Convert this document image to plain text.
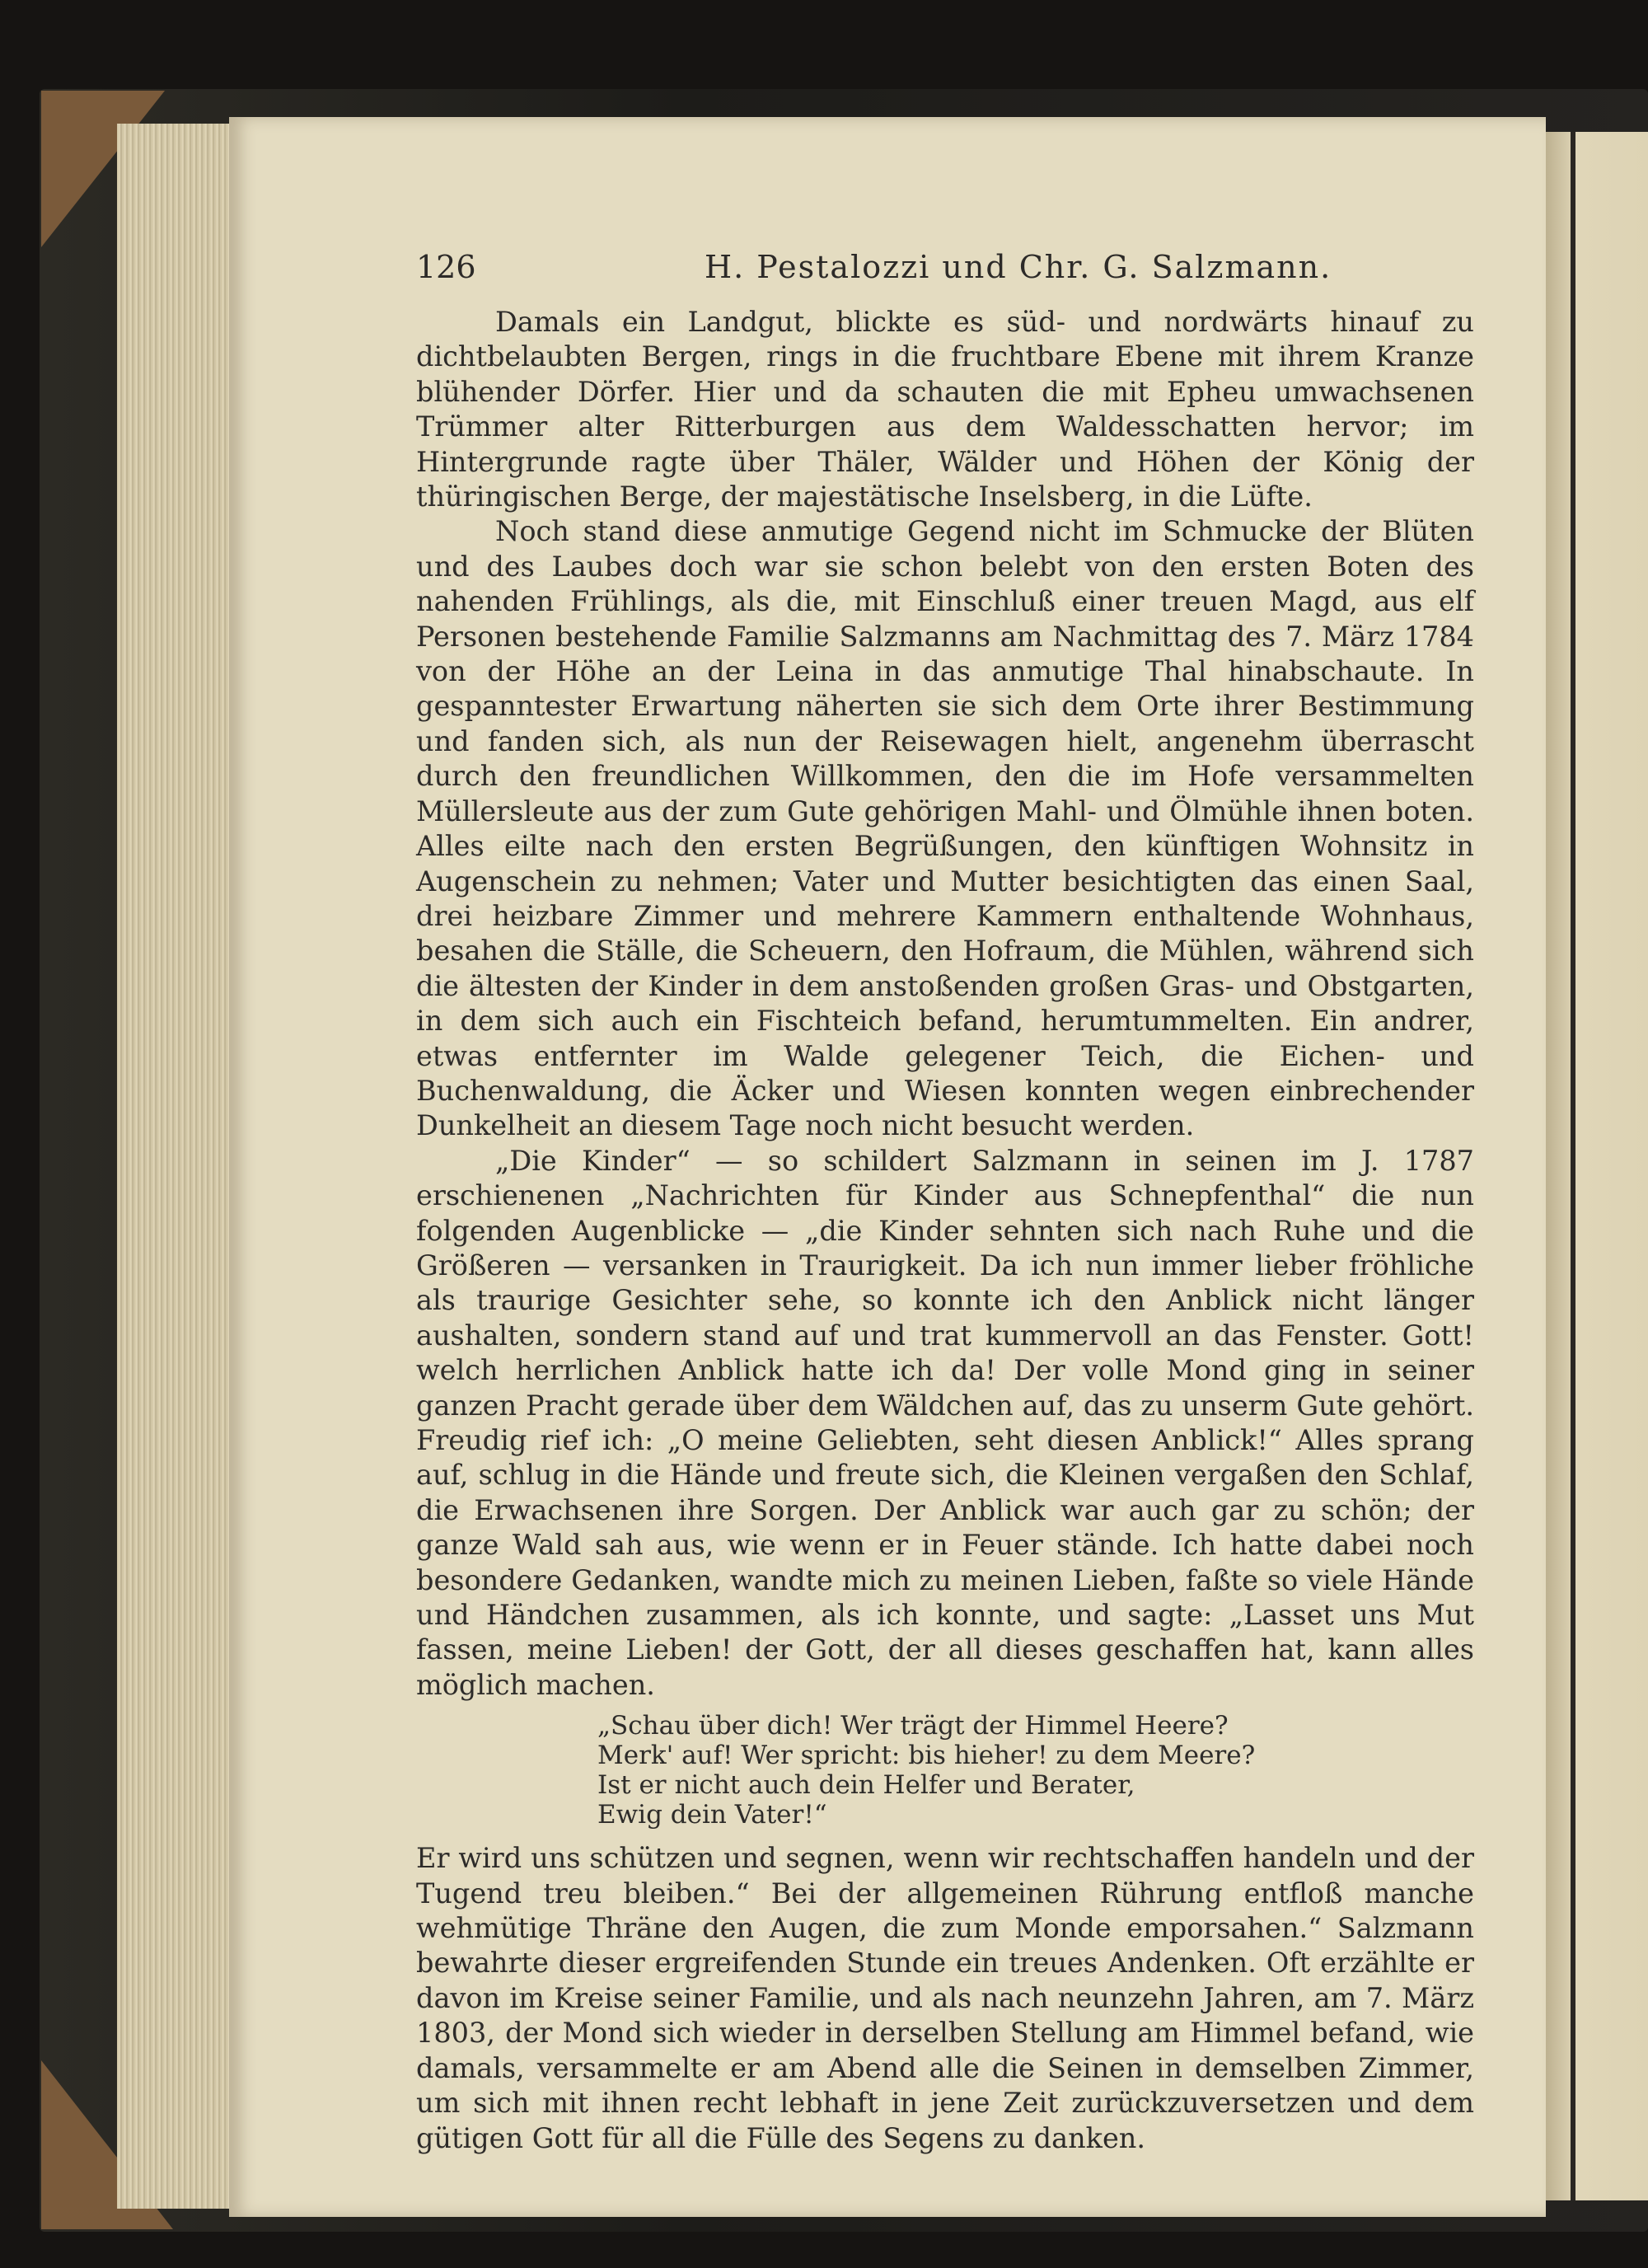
126	H. Pestalozzi und Chr. G. Salzmann.

Damals ein Landgut, blickte es süd- und nordwärts hinauf zu dichtbelaubten Bergen, rings in die fruchtbare Ebene mit ihrem Kranze blühender Dörfer. Hier und da schauten die mit Epheu umwachsenen Trümmer alter Ritterburgen aus dem Waldesschatten hervor; im Hintergrunde ragte über Thäler, Wälder und Höhen der König der thüringischen Berge, der majestätische Inselsberg, in die Lüfte.

Noch stand diese anmutige Gegend nicht im Schmucke der Blüten und des Laubes doch war sie schon belebt von den ersten Boten des nahenden Frühlings, als die, mit Einschluß einer treuen Magd, aus elf Personen bestehende Familie Salzmanns am Nachmittag des 7. März 1784 von der Höhe an der Leina in das anmutige Thal hinabschaute. In gespanntester Erwartung näherten sie sich dem Orte ihrer Bestimmung und fanden sich, als nun der Reisewagen hielt, angenehm überrascht durch den freundlichen Willkommen, den die im Hofe versammelten Müllersleute aus der zum Gute gehörigen Mahl- und Ölmühle ihnen boten. Alles eilte nach den ersten Begrüßungen, den künftigen Wohnsitz in Augenschein zu nehmen; Vater und Mutter besichtigten das einen Saal, drei heizbare Zimmer und mehrere Kammern enthaltende Wohnhaus, besahen die Ställe, die Scheuern, den Hofraum, die Mühlen, während sich die ältesten der Kinder in dem anstoßenden großen Gras- und Obstgarten, in dem sich auch ein Fischteich befand, herumtummelten. Ein andrer, etwas entfernter im Walde gelegener Teich, die Eichen- und Buchenwaldung, die Äcker und Wiesen konnten wegen einbrechender Dunkelheit an diesem Tage noch nicht besucht werden.

„Die Kinder“ — so schildert Salzmann in seinen im J. 1787 erschienenen „Nachrichten für Kinder aus Schnepfenthal“ die nun folgenden Augenblicke — „die Kinder sehnten sich nach Ruhe und die Größeren — versanken in Traurigkeit. Da ich nun immer lieber fröhliche als traurige Gesichter sehe, so konnte ich den Anblick nicht länger aushalten, sondern stand auf und trat kummervoll an das Fenster. Gott! welch herrlichen Anblick hatte ich da! Der volle Mond ging in seiner ganzen Pracht gerade über dem Wäldchen auf, das zu unserm Gute gehört. Freudig rief ich: „O meine Geliebten, seht diesen Anblick!“ Alles sprang auf, schlug in die Hände und freute sich, die Kleinen vergaßen den Schlaf, die Erwachsenen ihre Sorgen. Der Anblick war auch gar zu schön; der ganze Wald sah aus, wie wenn er in Feuer stände. Ich hatte dabei noch besondere Gedanken, wandte mich zu meinen Lieben, faßte so viele Hände und Händchen zusammen, als ich konnte, und sagte: „Lasset uns Mut fassen, meine Lieben! der Gott, der all dieses geschaffen hat, kann alles möglich machen.

„Schau über dich! Wer trägt der Himmel Heere?
Merk' auf! Wer spricht: bis hieher! zu dem Meere?
Ist er nicht auch dein Helfer und Berater,
Ewig dein Vater!“

Er wird uns schützen und segnen, wenn wir rechtschaffen handeln und der Tugend treu bleiben.“ Bei der allgemeinen Rührung entfloß manche wehmütige Thräne den Augen, die zum Monde emporsahen.“ Salzmann bewahrte dieser ergreifenden Stunde ein treues Andenken. Oft erzählte er davon im Kreise seiner Familie, und als nach neunzehn Jahren, am 7. März 1803, der Mond sich wieder in derselben Stellung am Himmel befand, wie damals, versammelte er am Abend alle die Seinen in demselben Zimmer, um sich mit ihnen recht lebhaft in jene Zeit zurückzuversetzen und dem gütigen Gott für all die Fülle des Segens zu danken.
